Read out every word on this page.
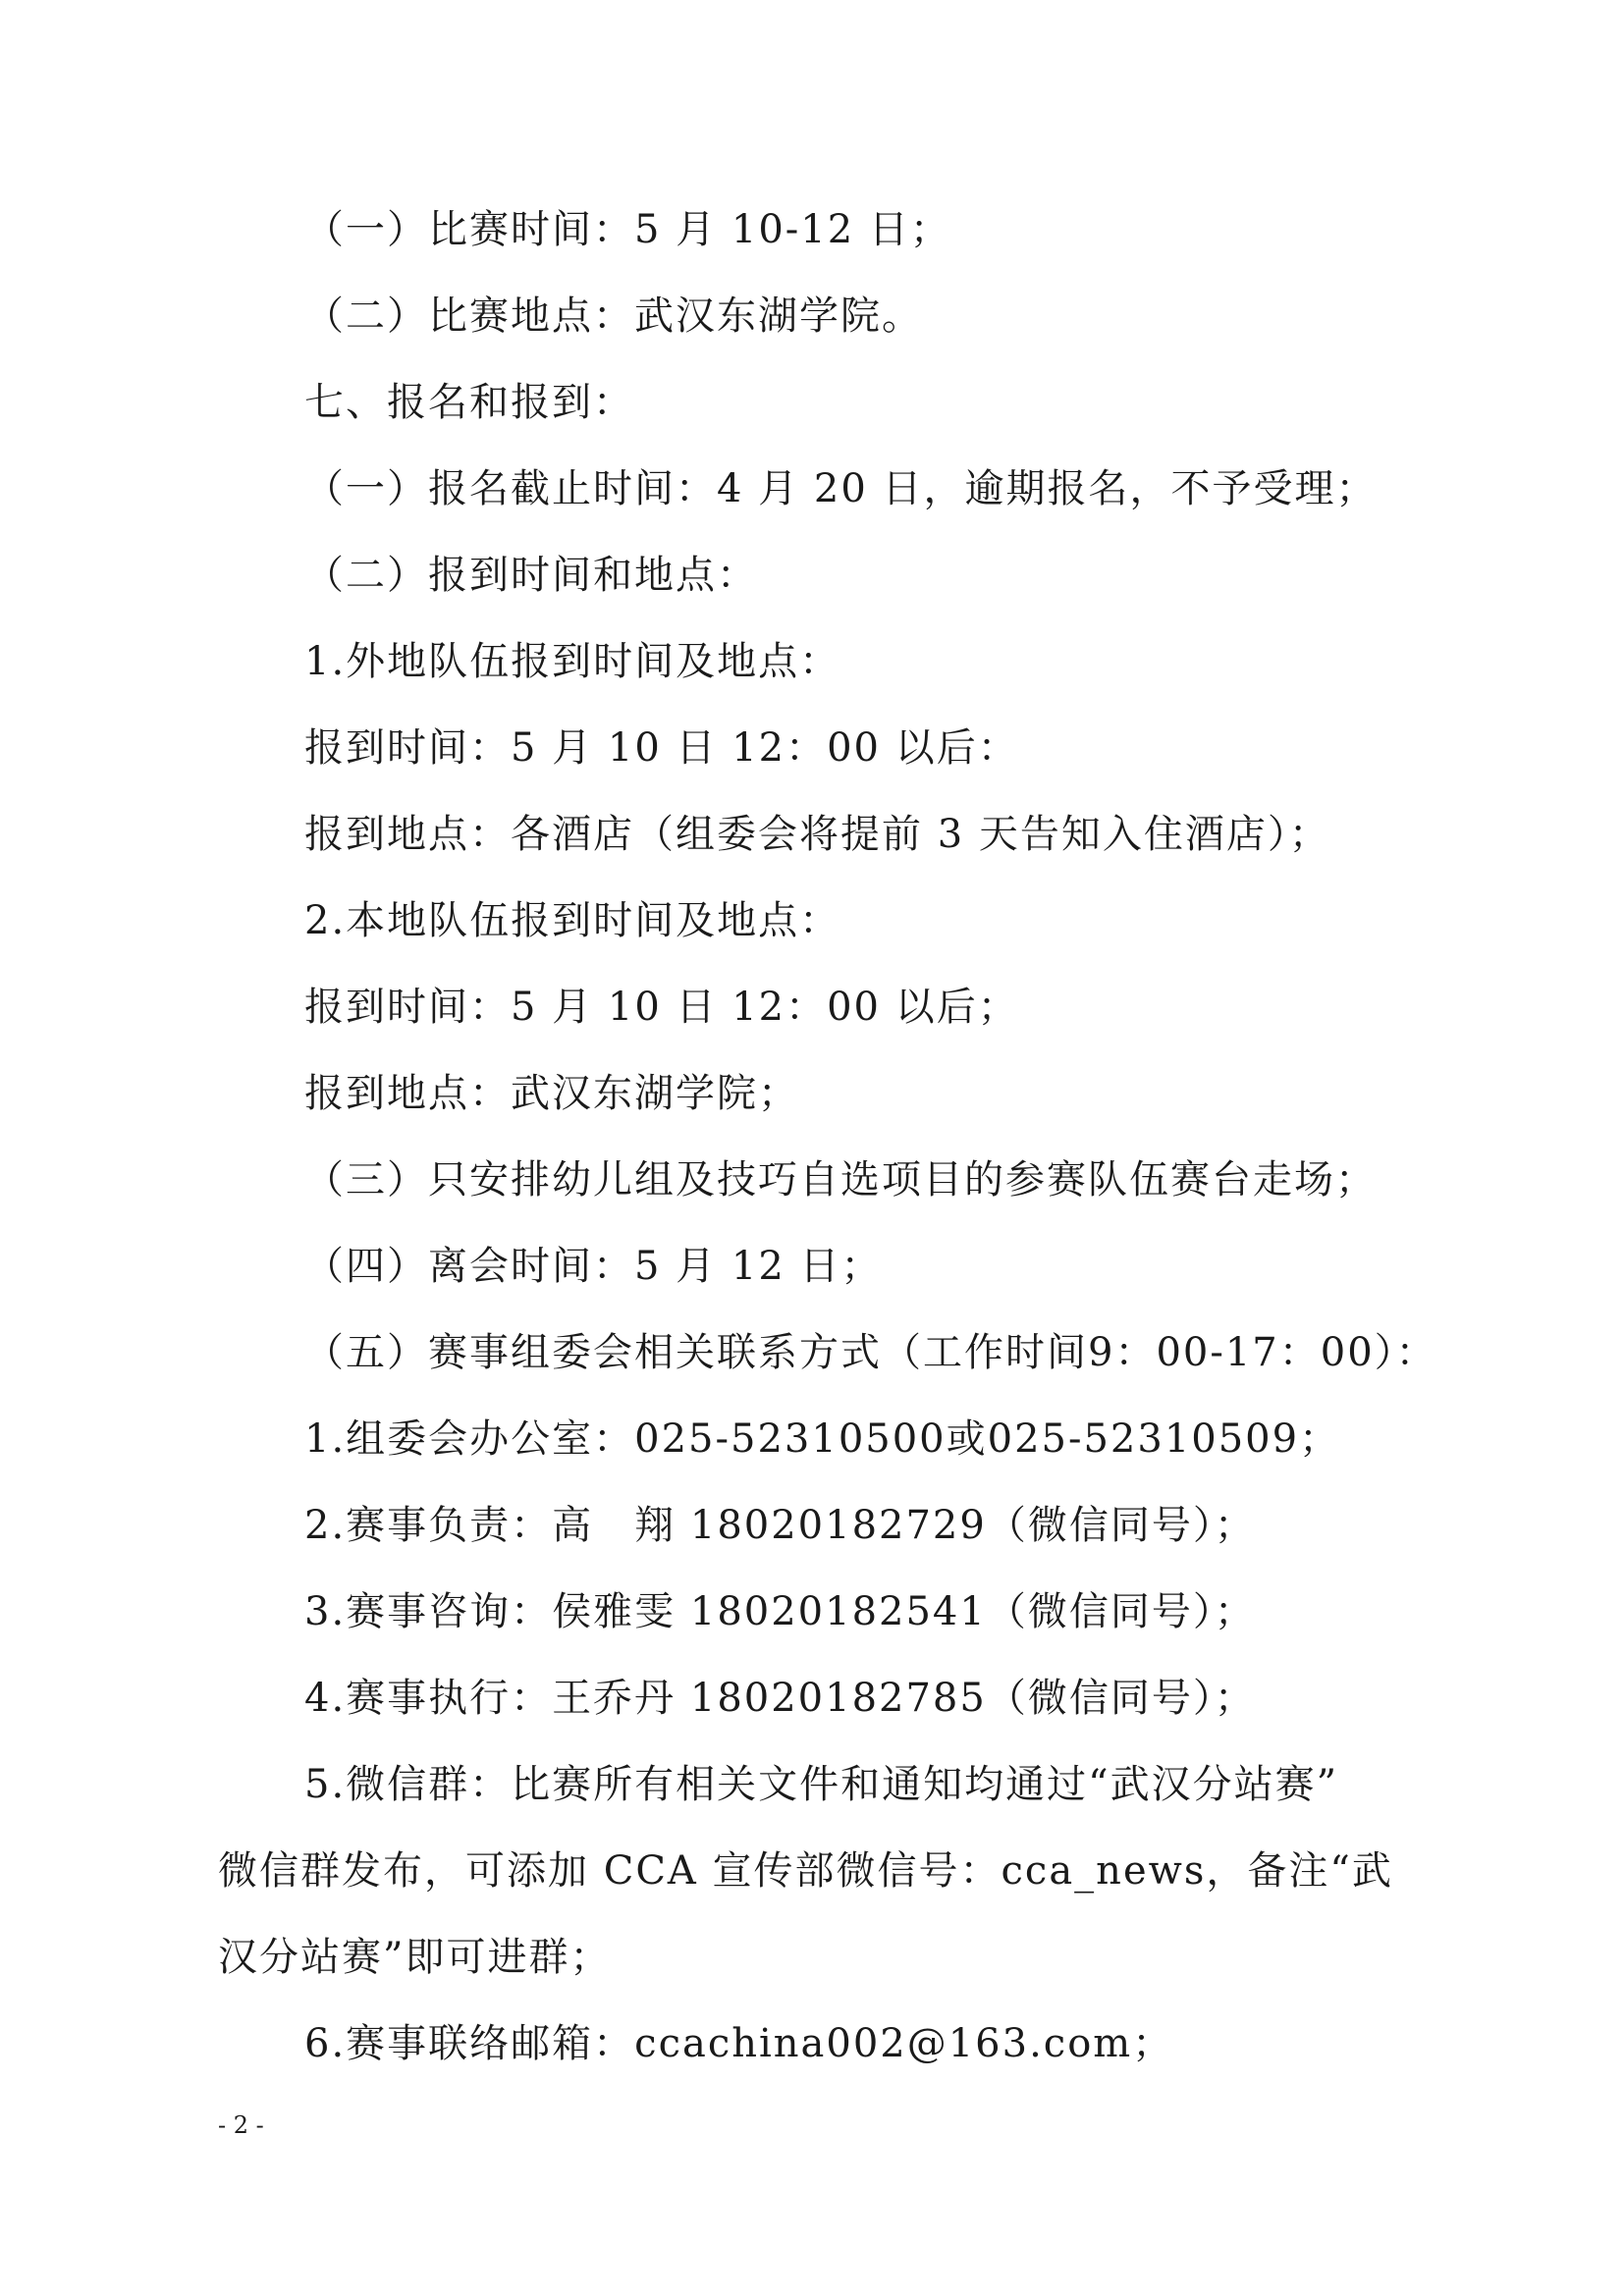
（一）比赛时间：5 月 10-12 日；
（二）比赛地点：武汉东湖学院。
七、报名和报到：
（一）报名截止时间：4 月 20 日，逾期报名，不予受理；
（二）报到时间和地点：
1.外地队伍报到时间及地点：
报到时间：5 月 10 日 12：00 以后：
报到地点：各酒店（组委会将提前 3 天告知入住酒店）；
2.本地队伍报到时间及地点：
报到时间：5 月 10 日 12：00 以后；
报到地点：武汉东湖学院；
（三）只安排幼儿组及技巧自选项目的参赛队伍赛台走场；
（四）离会时间：5 月 12 日；
（五）赛事组委会相关联系方式（工作时间9：00-17：00）：
1.组委会办公室：025-52310500或025-52310509；
2.赛事负责：高　翔 18020182729（微信同号）；
3.赛事咨询：侯雅雯 18020182541（微信同号）；
4.赛事执行：王乔丹 18020182785（微信同号）；
5.微信群：比赛所有相关文件和通知均通过“武汉分站赛”
微信群发布，可添加 CCA 宣传部微信号：cca_news，备注“武
汉分站赛”即可进群；
6.赛事联络邮箱：ccachina002@163.com；
- 2 -
